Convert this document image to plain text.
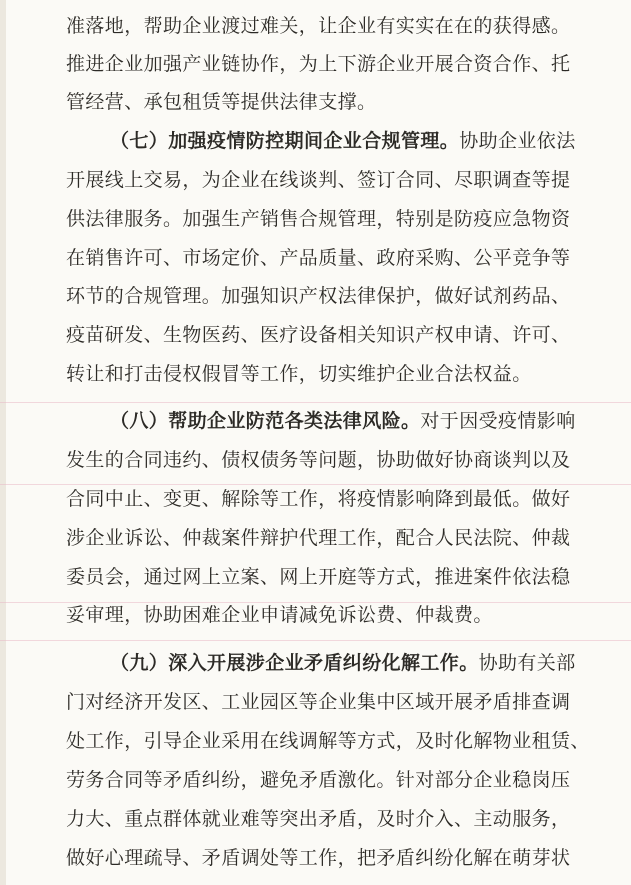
准落地，帮助企业渡过难关，让企业有实实在在的获得感。
推进企业加强产业链协作，为上下游企业开展合资合作、托
管经营、承包租赁等提供法律支撑。
（七）加强疫情防控期间企业合规管理。协助企业依法
开展线上交易，为企业在线谈判、签订合同、尽职调查等提
供法律服务。加强生产销售合规管理，特别是防疫应急物资
在销售许可、市场定价、产品质量、政府采购、公平竞争等
环节的合规管理。加强知识产权法律保护，做好试剂药品、
疫苗研发、生物医药、医疗设备相关知识产权申请、许可、
转让和打击侵权假冒等工作，切实维护企业合法权益。
（八）帮助企业防范各类法律风险。对于因受疫情影响
发生的合同违约、债权债务等问题，协助做好协商谈判以及
合同中止、变更、解除等工作，将疫情影响降到最低。做好
涉企业诉讼、仲裁案件辩护代理工作，配合人民法院、仲裁
委员会，通过网上立案、网上开庭等方式，推进案件依法稳
妥审理，协助困难企业申请减免诉讼费、仲裁费。
（九）深入开展涉企业矛盾纠纷化解工作。协助有关部
门对经济开发区、工业园区等企业集中区域开展矛盾排查调
处工作，引导企业采用在线调解等方式，及时化解物业租赁、
劳务合同等矛盾纠纷，避免矛盾激化。针对部分企业稳岗压
力大、重点群体就业难等突出矛盾，及时介入、主动服务，
做好心理疏导、矛盾调处等工作，把矛盾纠纷化解在萌芽状
